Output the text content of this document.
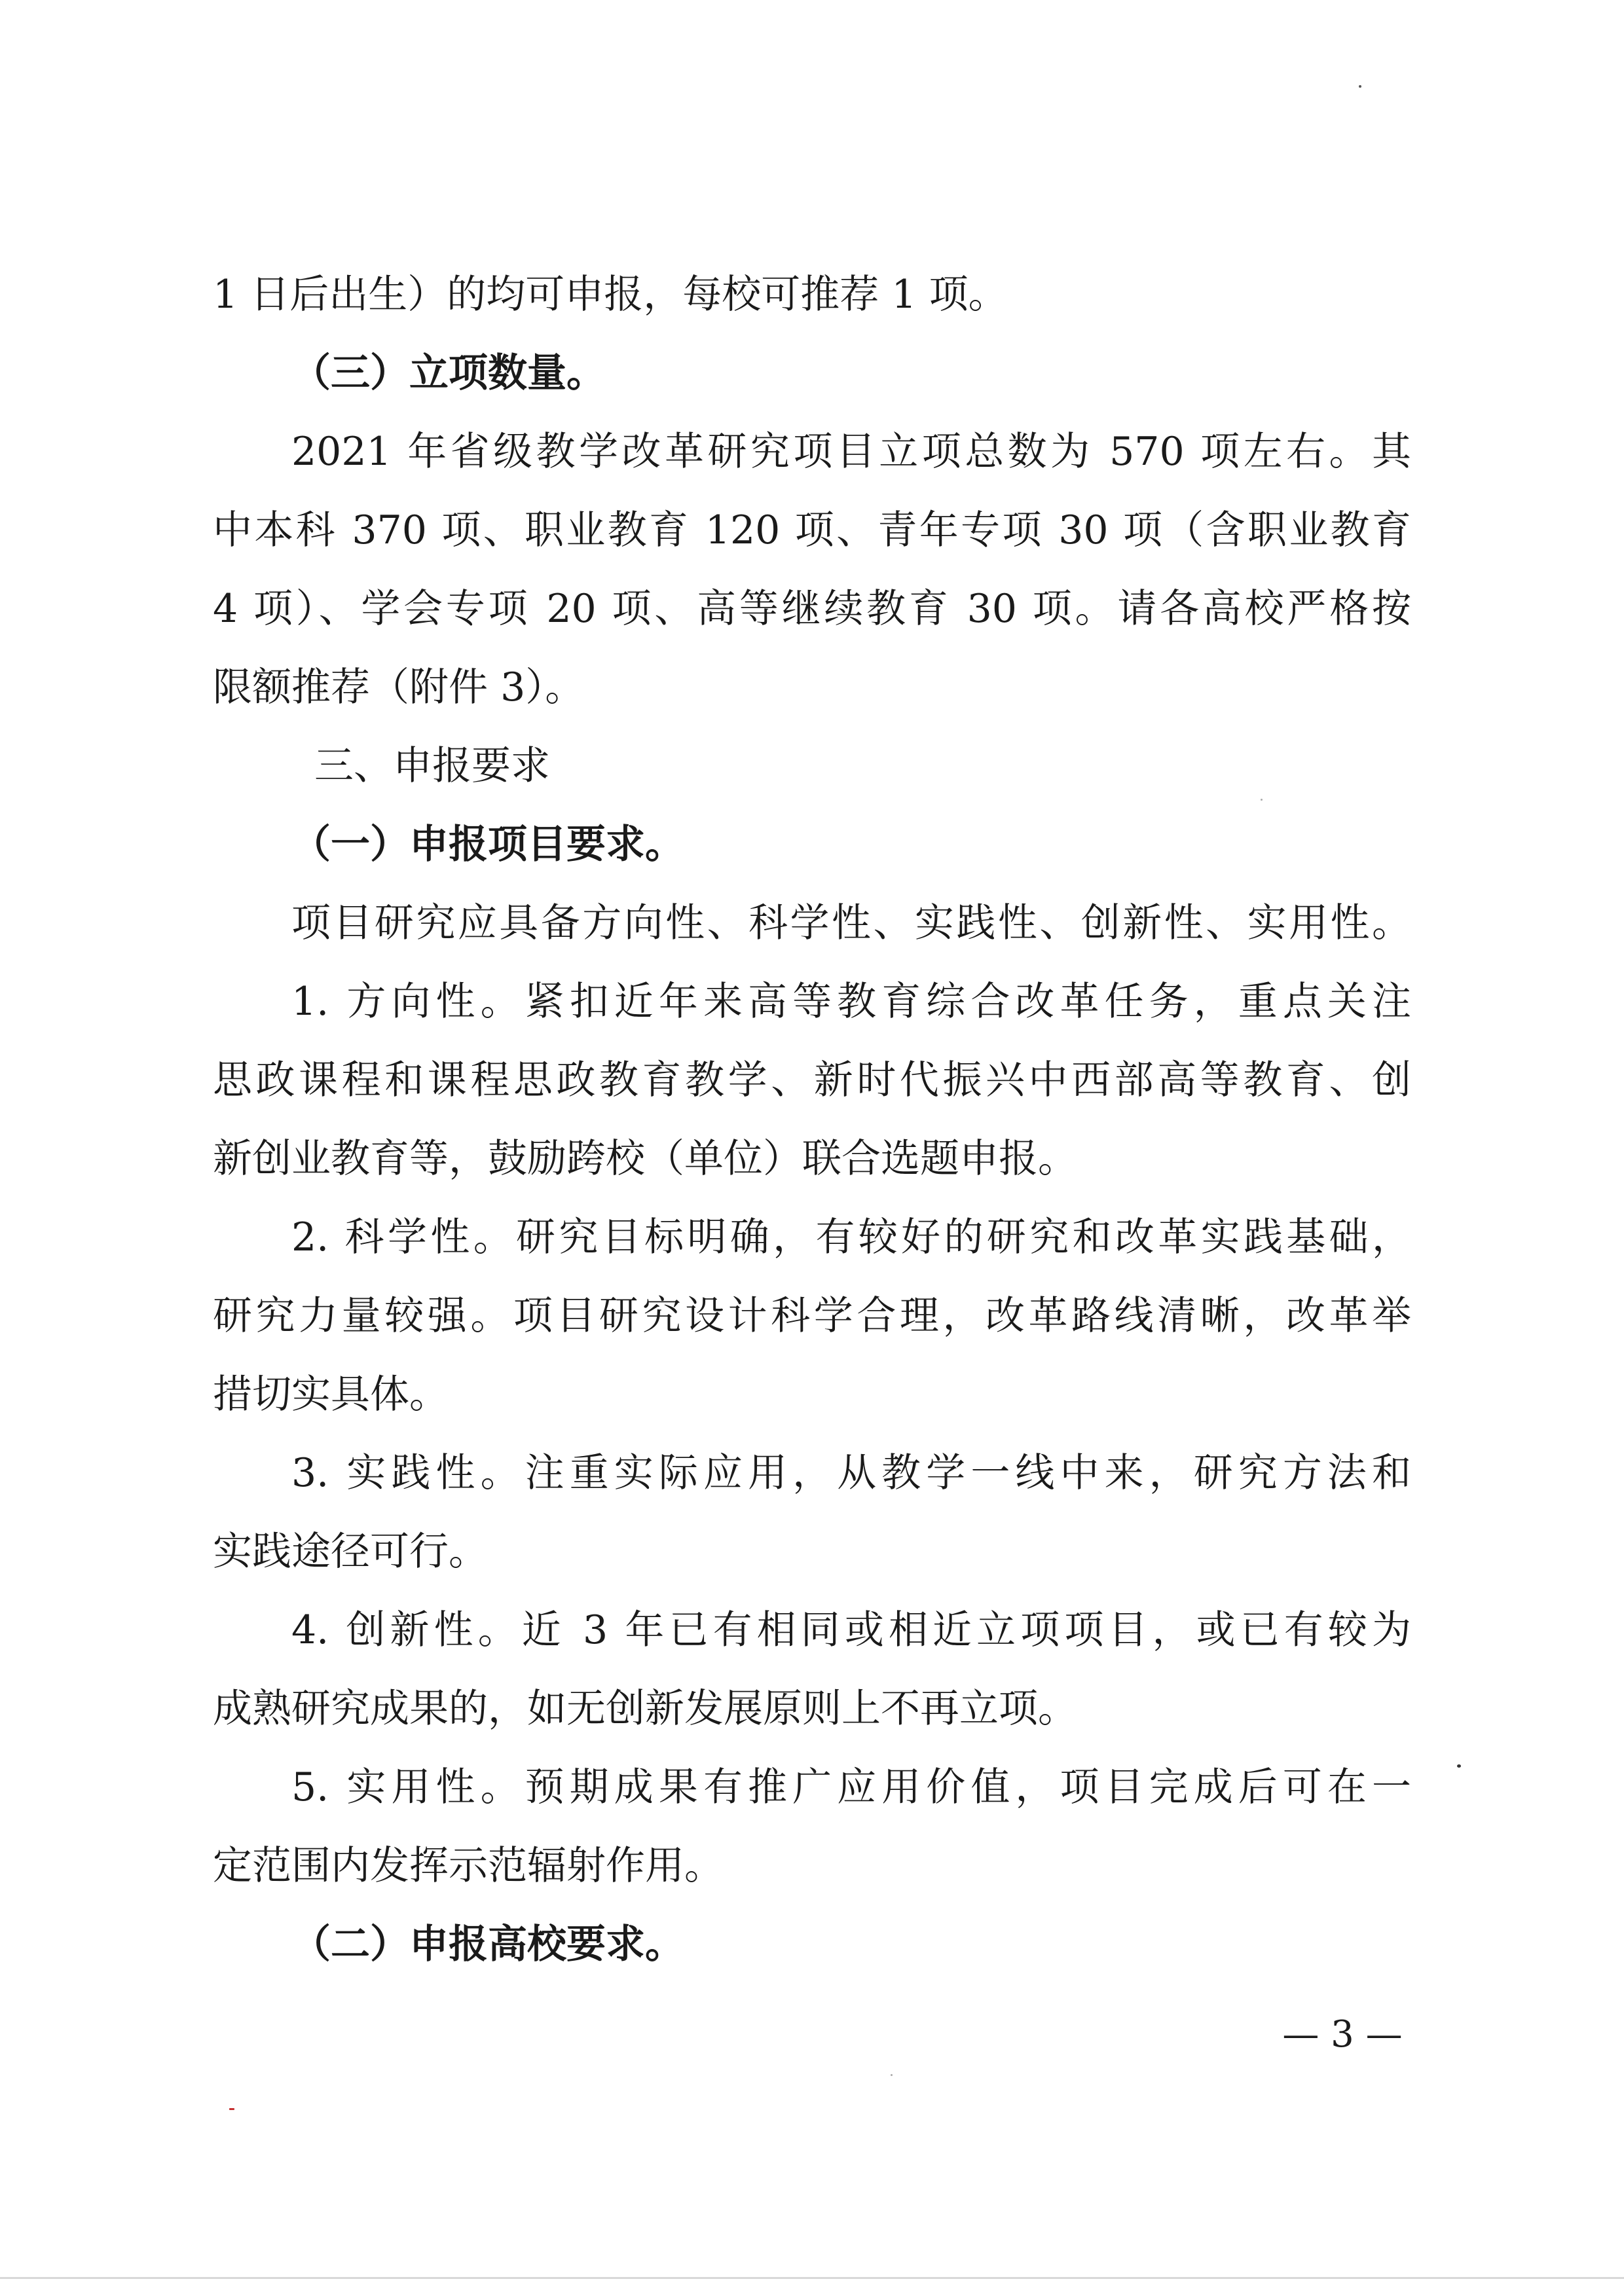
1 日后出生）的均可申报，每校可推荐 1 项。
（三）立项数量。
2021 年省级教学改革研究项目立项总数为 570 项左右。其
中本科 370 项、职业教育 120 项、青年专项 30 项（含职业教育
4 项）、学会专项 20 项、高等继续教育 30 项。请各高校严格按
限额推荐（附件 3）。
三、申报要求
（一）申报项目要求。
项目研究应具备方向性、科学性、实践性、创新性、实用性。
1. 方向性。紧扣近年来高等教育综合改革任务，重点关注
思政课程和课程思政教育教学、新时代振兴中西部高等教育、创
新创业教育等，鼓励跨校（单位）联合选题申报。
2. 科学性。研究目标明确，有较好的研究和改革实践基础，
研究力量较强。项目研究设计科学合理，改革路线清晰，改革举
措切实具体。
3. 实践性。注重实际应用，从教学一线中来，研究方法和
实践途径可行。
4. 创新性。近 3 年已有相同或相近立项项目，或已有较为
成熟研究成果的，如无创新发展原则上不再立项。
5. 实用性。预期成果有推广应用价值，项目完成后可在一
定范围内发挥示范辐射作用。
（二）申报高校要求。
— 3 —
